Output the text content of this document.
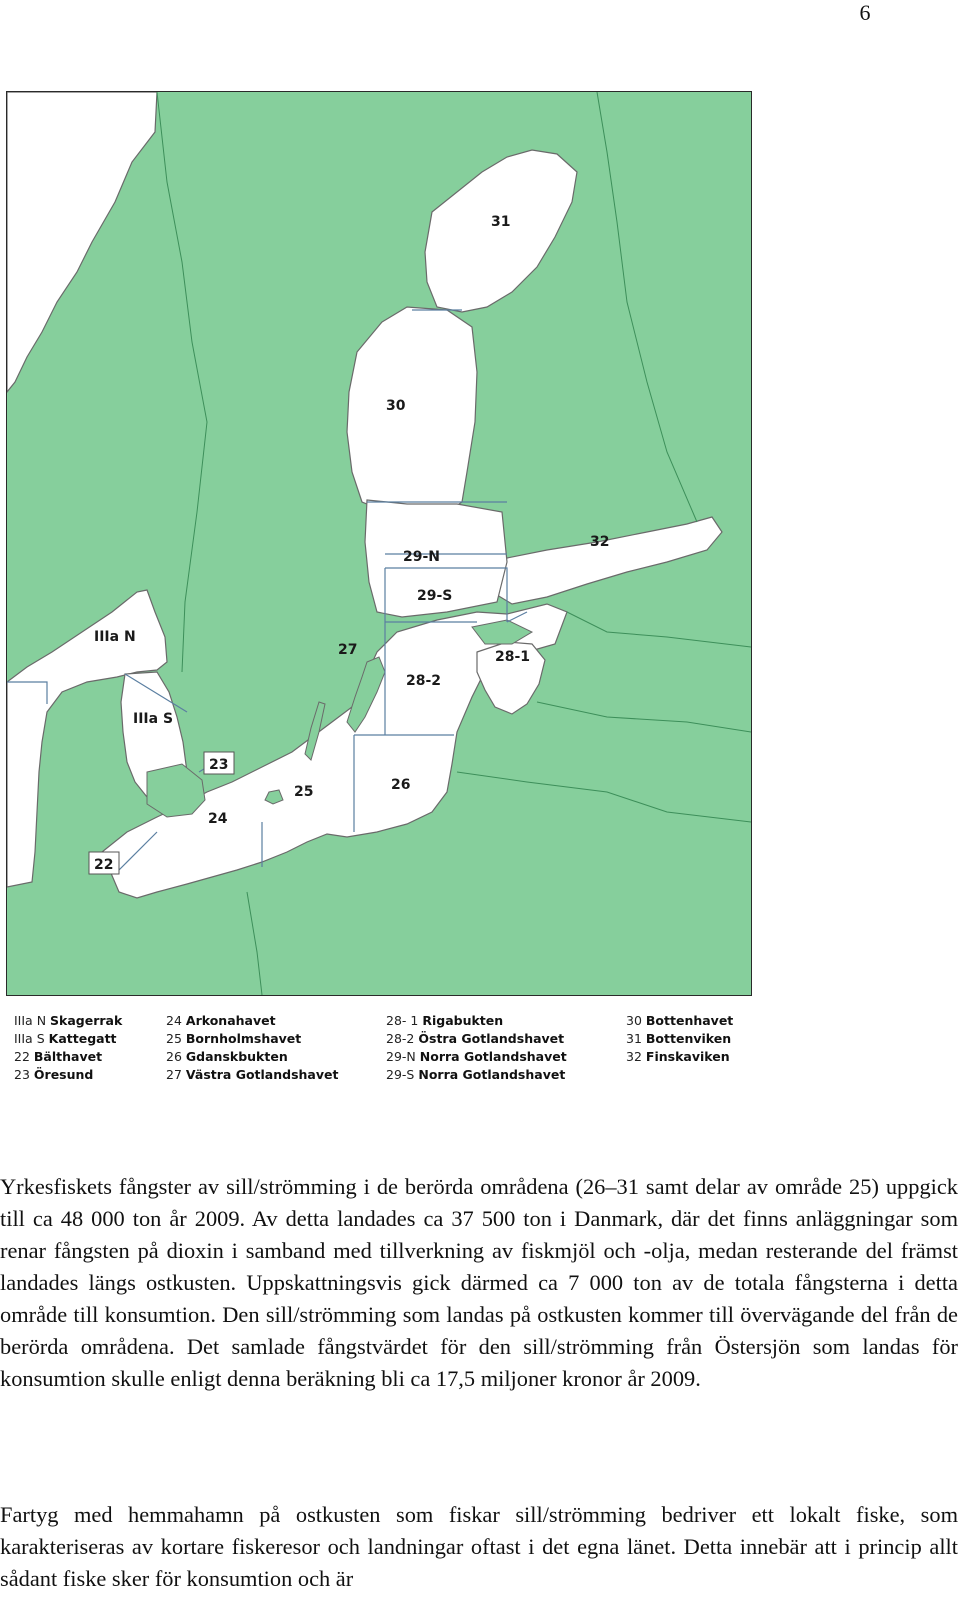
6
31
30
32
29-N
29-S
28-1
28-2
27
26
25
24
23
22
IIIa N
IIIa S
IIIa N Skagerrak
IIIa S Kattegatt
22 Bälthavet
23 Öresund
24 Arkonahavet
25 Bornholmshavet
26 Gdanskbukten
27 Västra Gotlandshavet
28- 1 Rigabukten
28-2 Östra Gotlandshavet
29-N Norra Gotlandshavet
29-S Norra Gotlandshavet
30 Bottenhavet
31 Bottenviken
32 Finskaviken

Yrkesfiskets fångster av sill/strömming i de berörda områdena (26–31 samt delar av område 25) uppgick till ca 48 000 ton år 2009. Av detta landades ca 37 500 ton i Danmark, där det finns anläggningar som renar fångsten på dioxin i samband med tillverkning av fiskmjöl och -olja, medan resterande del främst landades längs ostkusten. Uppskattningsvis gick därmed ca 7 000 ton av de totala fångsterna i detta område till konsumtion. Den sill/strömming som landas på ostkusten kommer till övervägande del från de berörda områdena. Det samlade fångstvärdet för den sill/strömming från Östersjön som landas för konsumtion skulle enligt denna beräkning bli ca 17,5 miljoner kronor år 2009.

Fartyg med hemmahamn på ostkusten som fiskar sill/strömming bedriver ett lokalt fiske, som karakteriseras av kortare fiskeresor och landningar oftast i det egna länet. Detta innebär att i princip allt sådant fiske sker för konsumtion och är
